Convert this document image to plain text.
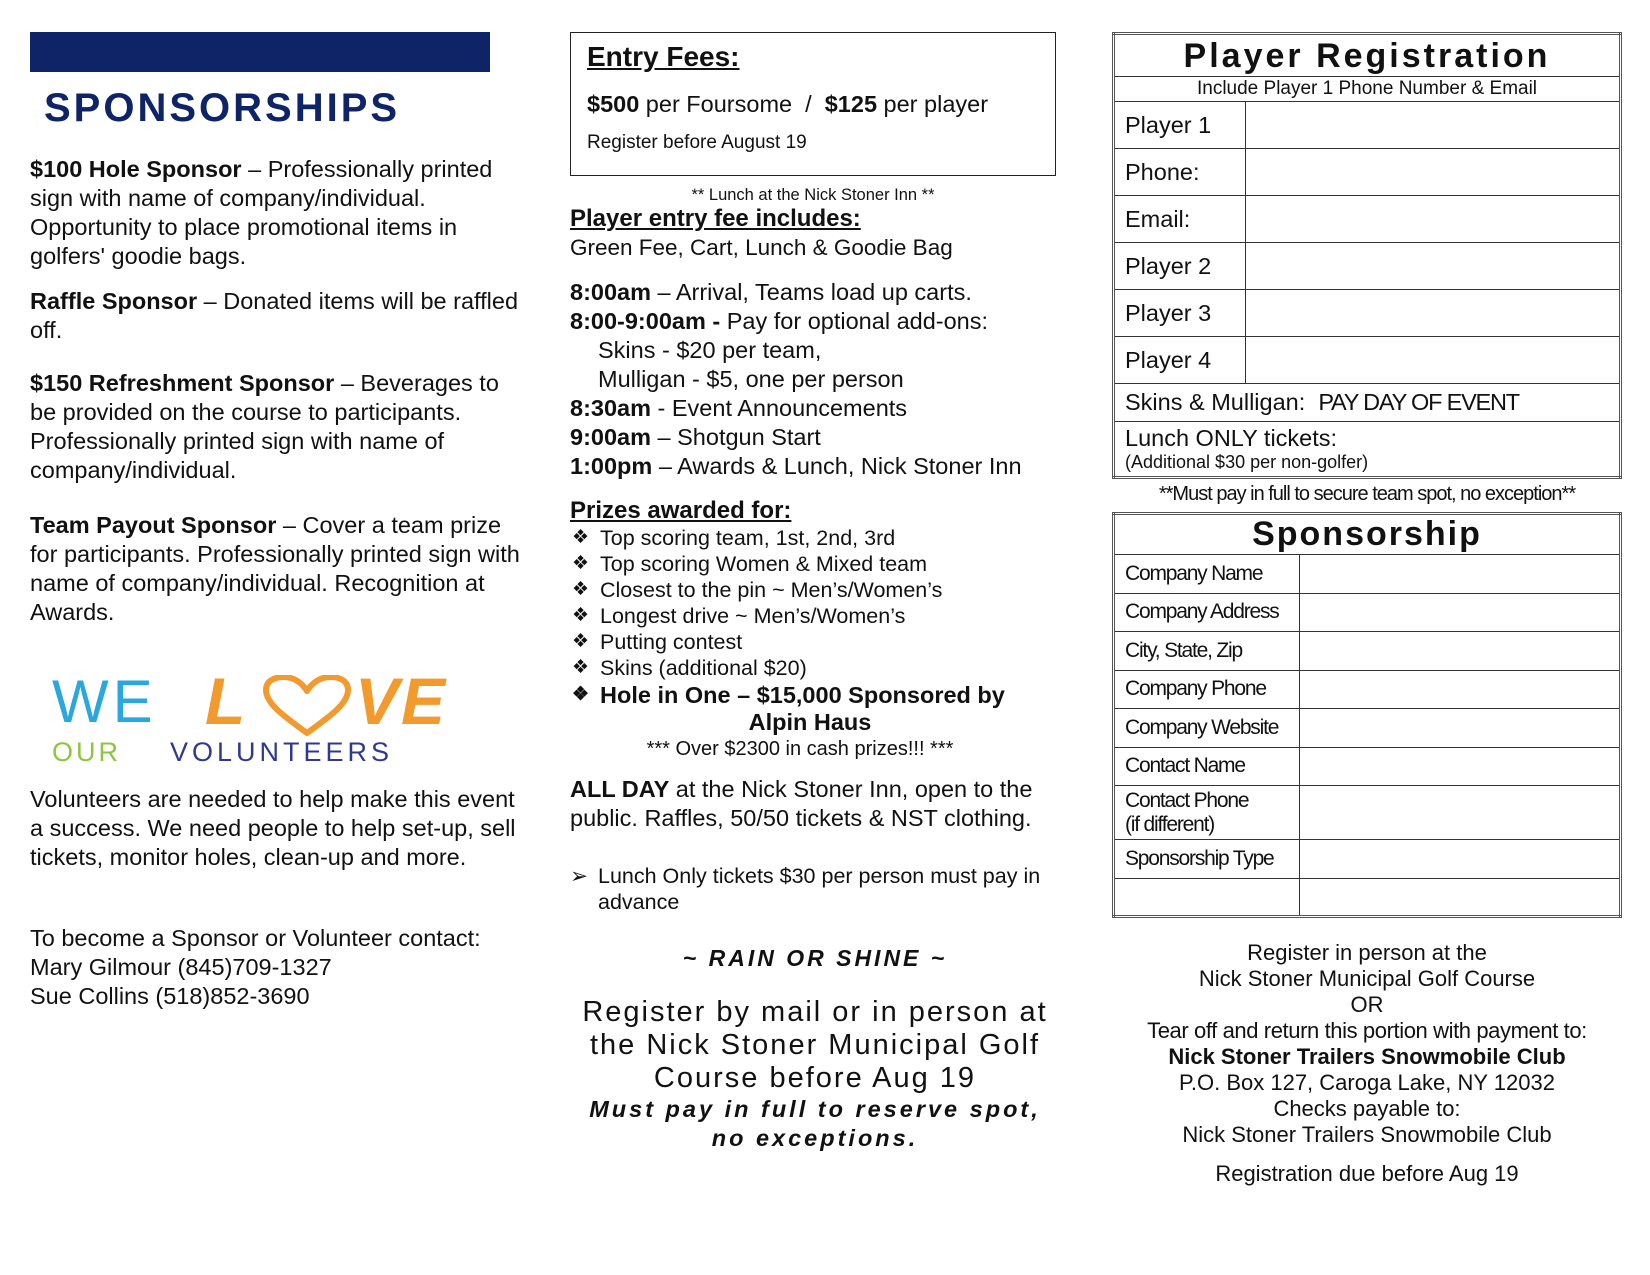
SPONSORSHIPS

$100 Hole Sponsor – Professionally printed sign with name of company/individual. Opportunity to place promotional items in golfers' goodie bags.

Raffle Sponsor – Donated items will be raffled off.

$150 Refreshment Sponsor – Beverages to be provided on the course to participants. Professionally printed sign with name of company/individual.

Team Payout Sponsor – Cover a team prize for participants. Professionally printed sign with name of company/individual. Recognition at Awards.

WE L VE
OUR VOLUNTEERS

Volunteers are needed to help make this event a success. We need people to help set-up, sell tickets, monitor holes, clean-up and more.

To become a Sponsor or Volunteer contact:

Mary Gilmour (845)709-1327

Sue Collins (518)852-3690

Entry Fees:
$500 per Foursome  /  $125 per player
Register before August 19
** Lunch at the Nick Stoner Inn **
Player entry fee includes:
Green Fee, Cart, Lunch & Goodie Bag
8:00am – Arrival, Teams load up carts.
8:00-9:00am - Pay for optional add-ons:
Skins - $20 per team,
Mulligan - $5, one per person
8:30am - Event Announcements
9:00am – Shotgun Start
1:00pm – Awards & Lunch, Nick Stoner Inn
Prizes awarded for:
❖ Top scoring team, 1st, 2nd, 3rd
❖ Top scoring Women & Mixed team
❖ Closest to the pin ~ Men’s/Women’s
❖ Longest drive ~ Men’s/Women’s
❖ Putting contest
❖ Skins (additional $20)
❖ Hole in One – $15,000 Sponsored by
Alpin Haus
*** Over $2300 in cash prizes!!! ***

ALL DAY at the Nick Stoner Inn, open to the public. Raffles, 50/50 tickets & NST clothing.

➢ Lunch Only tickets $30 per person must pay in advance
~ RAIN OR SHINE ~
Register by mail or in person at the Nick Stoner Municipal Golf Course before Aug 19
Must pay in full to reserve spot, no exceptions.
Player Registration	
Include Player 1 Phone Number & Email	
Player 1	
Phone:	
Email:	
Player 2	
Player 3	
Player 4	
Skins & Mulligan:  PAY DAY OF EVENT	

Lunch ONLY tickets:
(Additional $30 per non-golfer)	
**Must pay in full to secure team spot, no exception**
Sponsorship	
Company Name	
Company Address	
City, State, Zip	
Company Phone	
Company Website	
Contact Name	
Contact Phone
(if different)	
Sponsorship Type	

Register in person at the
Nick Stoner Municipal Golf Course
OR
Tear off and return this portion with payment to:
Nick Stoner Trailers Snowmobile Club
P.O. Box 127, Caroga Lake, NY 12032
Checks payable to:
Nick Stoner Trailers Snowmobile Club
Registration due before Aug 19
